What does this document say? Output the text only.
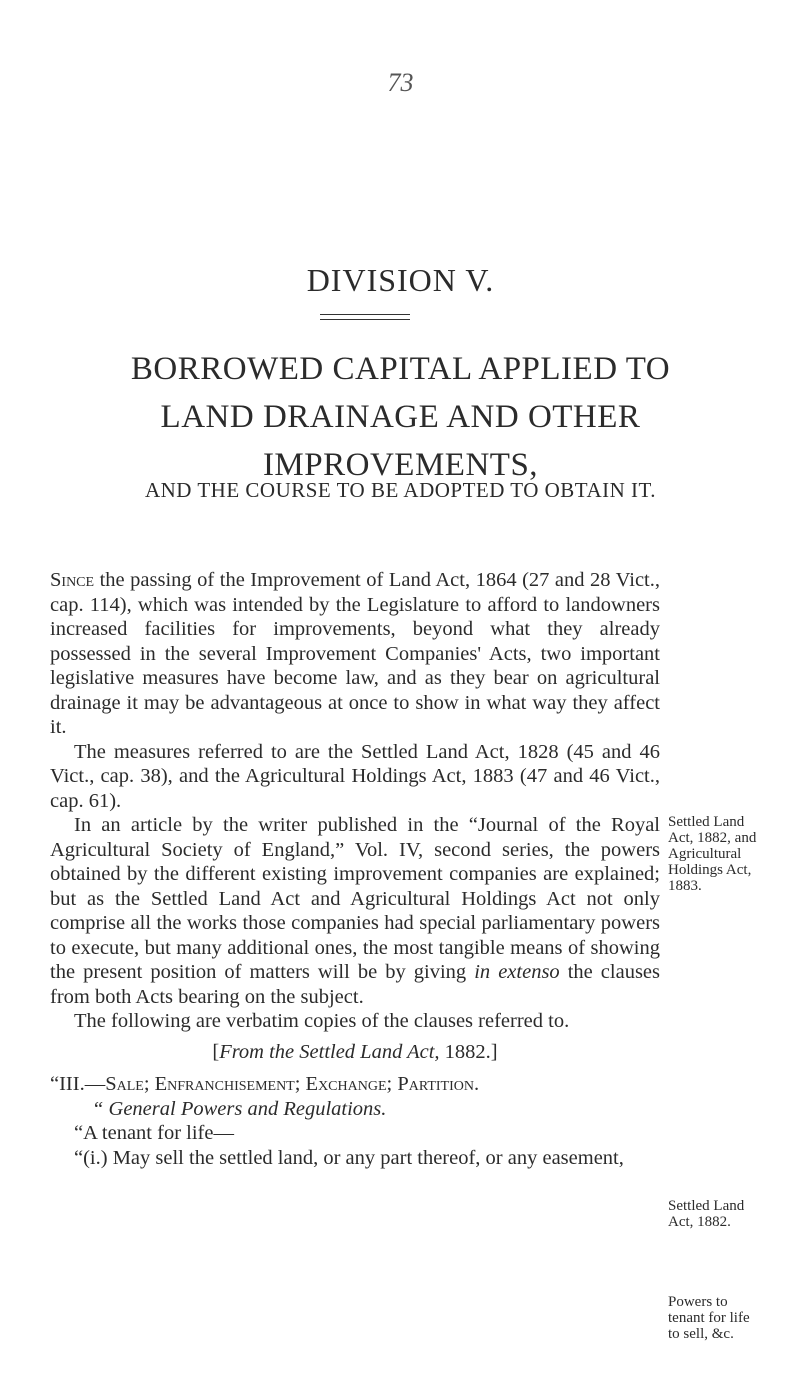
73
DIVISION V.
BORROWED CAPITAL APPLIED TO
LAND DRAINAGE AND OTHER
IMPROVEMENTS,
AND THE COURSE TO BE ADOPTED TO OBTAIN IT.

Since the passing of the Improvement of Land Act, 1864 (27 and 28 Vict., cap. 114), which was intended by the Legislature to afford to landowners increased facilities for improvements, beyond what they already possessed in the several Improvement Companies' Acts, two important legislative measures have become law, and as they bear on agricultural drainage it may be advantageous at once to show in what way they affect it.

The measures referred to are the Settled Land Act, 1828 (45 and 46 Vict., cap. 38), and the Agricultural Holdings Act, 1883 (47 and 46 Vict., cap. 61).

In an article by the writer published in the “Journal of the Royal Agricultural Society of England,” Vol. IV, second series, the powers obtained by the different existing improvement companies are explained; but as the Settled Land Act and Agricultural Holdings Act not only comprise all the works those companies had special parliamentary powers to execute, but many additional ones, the most tangible means of showing the present position of matters will be by giving in extenso the clauses from both Acts bearing on the subject.

The following are verbatim copies of the clauses referred to.

[From the Settled Land Act, 1882.]

“III.—Sale; Enfranchisement; Exchange; Partition.

“ General Powers and Regulations.

“A tenant for life—

“(i.) May sell the settled land, or any part thereof, or any easement,

Settled Land
Act, 1882, and
Agricultural
Holdings Act,
1883.
Settled Land
Act, 1882.
Powers to
tenant for life
to sell, &c.
